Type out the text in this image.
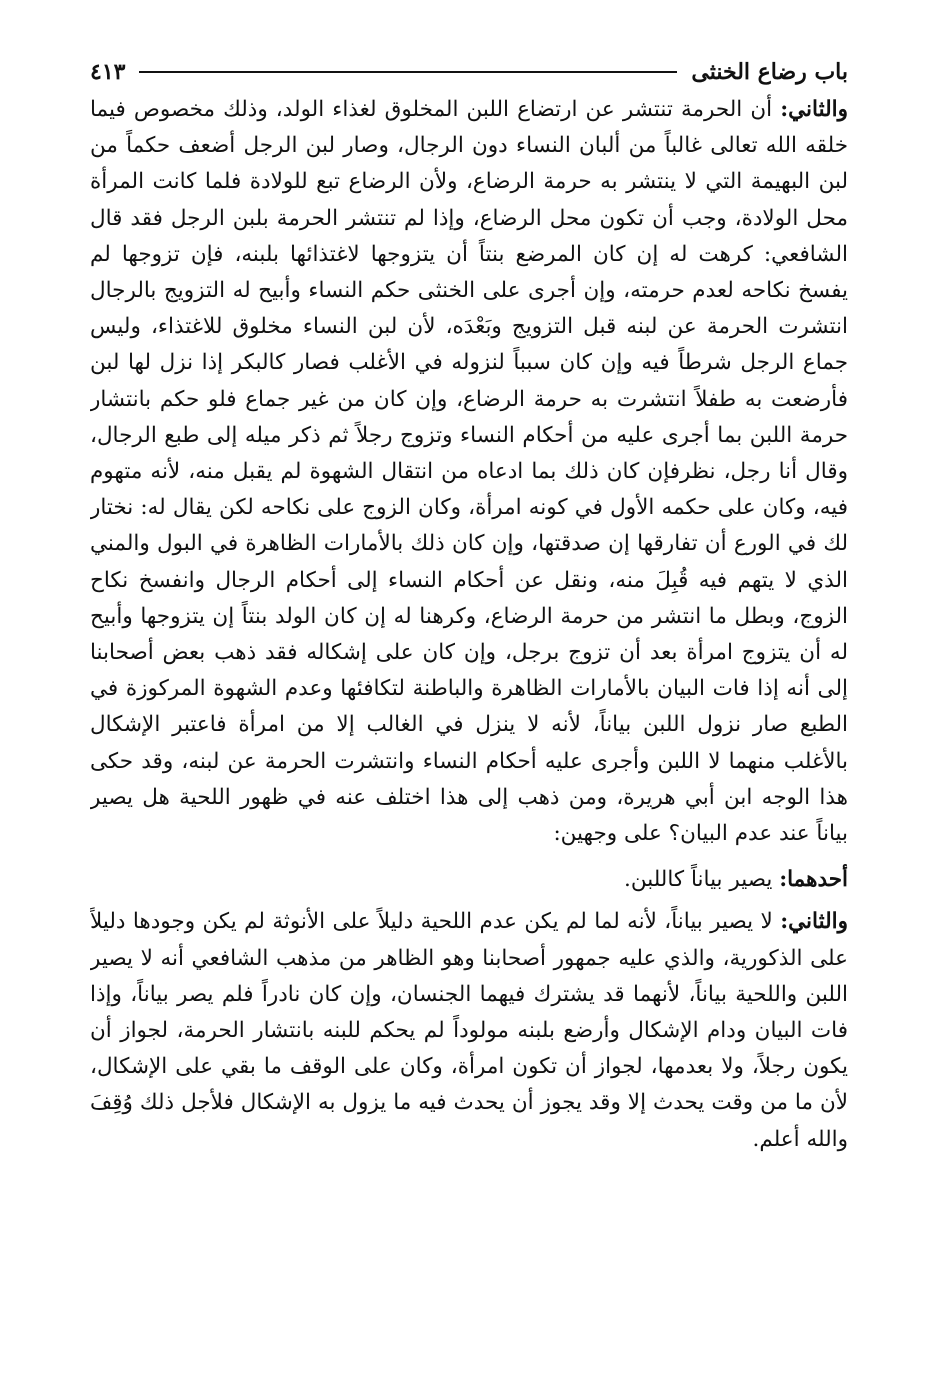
باب رضاع الخنثى
٤١٣

والثاني: أن الحرمة تنتشر عن ارتضاع اللبن المخلوق لغذاء الولد، وذلك مخصوص فيما خلقه الله تعالى غالباً من ألبان النساء دون الرجال، وصار لبن الرجل أضعف حكماً من لبن البهيمة التي لا ينتشر به حرمة الرضاع، ولأن الرضاع تبع للولادة فلما كانت المرأة محل الولادة، وجب أن تكون محل الرضاع، وإذا لم تنتشر الحرمة بلبن الرجل فقد قال الشافعي: كرهت له إن كان المرضع بنتاً أن يتزوجها لاغتذائها بلبنه، فإن تزوجها لم يفسخ نكاحه لعدم حرمته، وإن أجرى على الخنثى حكم النساء وأبيح له التزويج بالرجال انتشرت الحرمة عن لبنه قبل التزويج وبَعْدَه، لأن لبن النساء مخلوق للاغتذاء، وليس جماع الرجل شرطاً فيه وإن كان سبباً لنزوله في الأغلب فصار كالبكر إذا نزل لها لبن فأرضعت به طفلاً انتشرت به حرمة الرضاع، وإن كان من غير جماع فلو حكم بانتشار حرمة اللبن بما أجرى عليه من أحكام النساء وتزوج رجلاً ثم ذكر ميله إلى طبع الرجال، وقال أنا رجل، نظرفإن كان ذلك بما ادعاه من انتقال الشهوة لم يقبل منه، لأنه متهوم فيه، وكان على حكمه الأول في كونه امرأة، وكان الزوج على نكاحه لكن يقال له: نختار لك في الورع أن تفارقها إن صدقتها، وإن كان ذلك بالأمارات الظاهرة في البول والمني الذي لا يتهم فيه قُبِلَ منه، ونقل عن أحكام النساء إلى أحكام الرجال وانفسخ نكاح الزوج، وبطل ما انتشر من حرمة الرضاع، وكرهنا له إن كان الولد بنتاً إن يتزوجها وأبيح له أن يتزوج امرأة بعد أن تزوج برجل، وإن كان على إشكاله فقد ذهب بعض أصحابنا إلى أنه إذا فات البيان بالأمارات الظاهرة والباطنة لتكافئها وعدم الشهوة المركوزة في الطبع صار نزول اللبن بياناً، لأنه لا ينزل في الغالب إلا من امرأة فاعتبر الإشكال بالأغلب منهما لا اللبن وأجرى عليه أحكام النساء وانتشرت الحرمة عن لبنه، وقد حكى هذا الوجه ابن أبي هريرة، ومن ذهب إلى هذا اختلف عنه في ظهور اللحية هل يصير بياناً عند عدم البيان؟ على وجهين:

أحدهما: يصير بياناً كاللبن.

والثاني: لا يصير بياناً، لأنه لما لم يكن عدم اللحية دليلاً على الأنوثة لم يكن وجودها دليلاً على الذكورية، والذي عليه جمهور أصحابنا وهو الظاهر من مذهب الشافعي أنه لا يصير اللبن واللحية بياناً، لأنهما قد يشترك فيهما الجنسان، وإن كان نادراً فلم يصر بياناً، وإذا فات البيان ودام الإشكال وأرضع بلبنه مولوداً لم يحكم للبنه بانتشار الحرمة، لجواز أن يكون رجلاً، ولا بعدمها، لجواز أن تكون امرأة، وكان على الوقف ما بقي على الإشكال، لأن ما من وقت يحدث إلا وقد يجوز أن يحدث فيه ما يزول به الإشكال فلأجل ذلك وُقِفَ والله أعلم.
